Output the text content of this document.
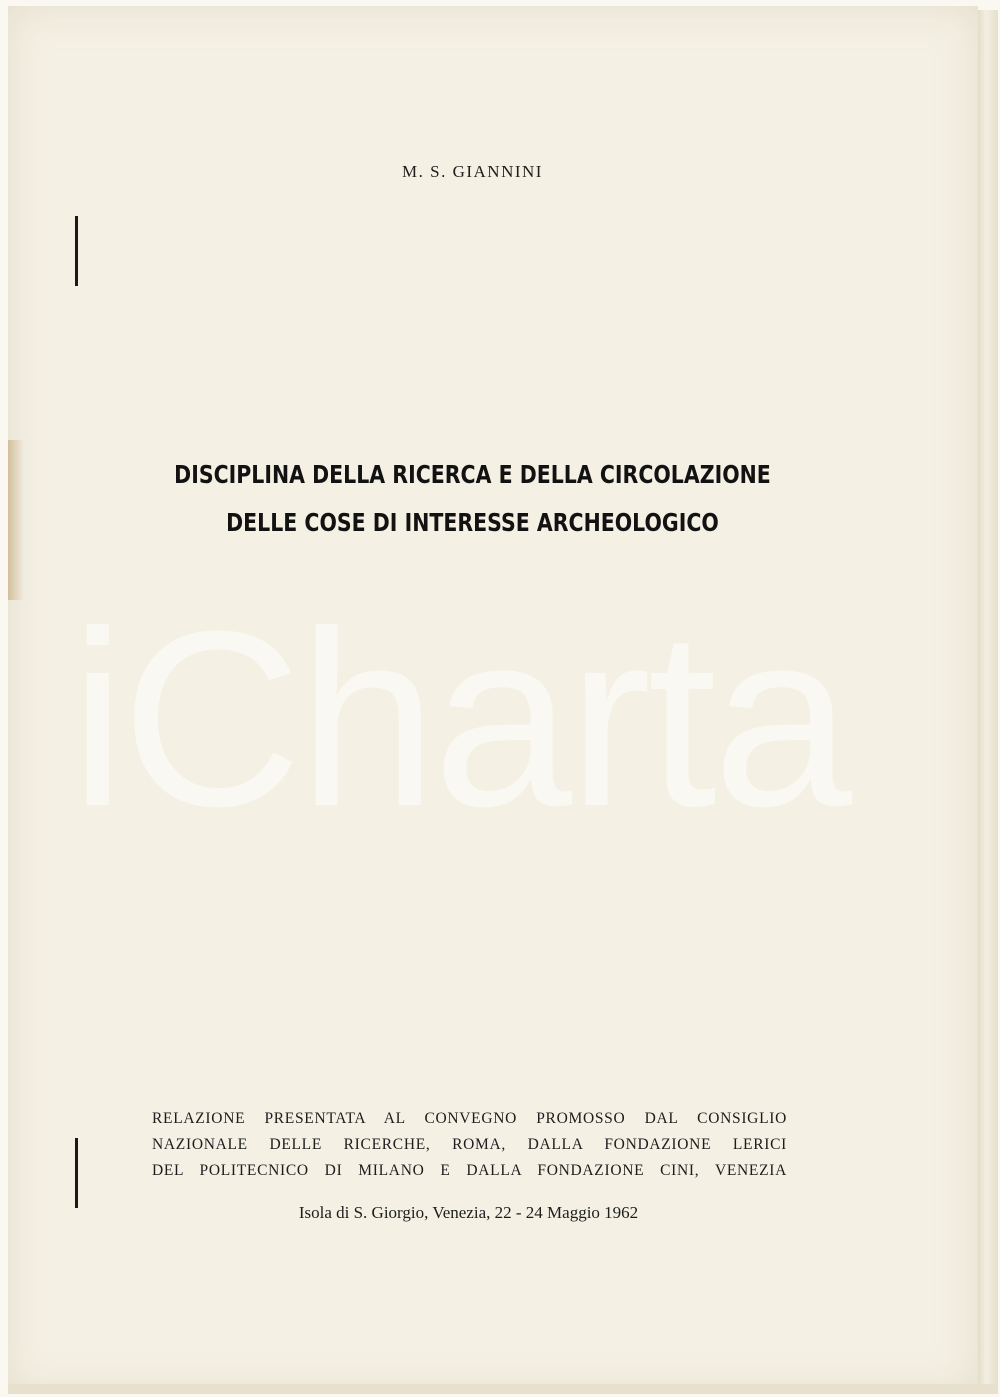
M. S. GIANNINI
DISCIPLINA DELLA RICERCA E DELLA CIRCOLAZIONE
DELLE COSE DI INTERESSE ARCHEOLOGICO
iCharta
RELAZIONE PRESENTATA AL CONVEGNO PROMOSSO DAL CONSIGLIO
NAZIONALE DELLE RICERCHE, ROMA, DALLA FONDAZIONE LERICI
DEL POLITECNICO DI MILANO E DALLA FONDAZIONE CINI, VENEZIA
Isola di S. Giorgio, Venezia, 22 - 24 Maggio 1962
